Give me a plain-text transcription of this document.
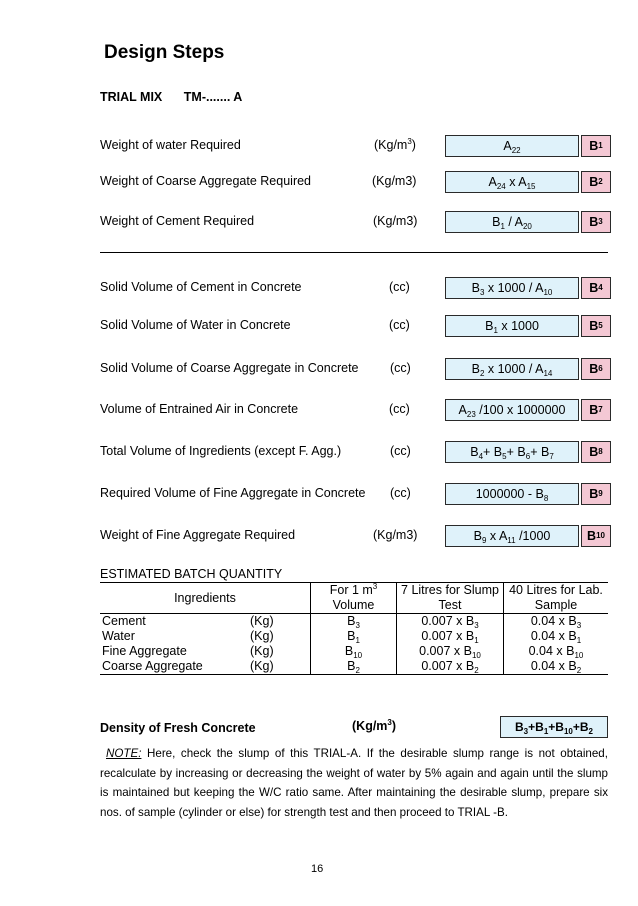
Design Steps
TRIAL MIX TM-....... A
Weight of water Required	$(Kg/m^3)$	$A_{22}$	B 1
Weight of Coarse Aggregate Required	(Kg/m3)	$A_{24}$ x $A_{15}$	B 2
Weight of Cement Required	(Kg/m3)	$B_1 / A_{20}$	B 3
Solid Volume of Cement in Concrete	(cc)	$B_3$ x $1000 / A_{10}$	B 4
Solid Volume of Water in Concrete	(cc)	$B_1$ x 1000	B 5
Solid Volume of Coarse Aggregate in Concrete	(cc)	$B_2$ x $1000 / A_{14}$	B 6
Volume of Entrained Air in Concrete	(cc)	$A_{23}$ /100 x 1000000	B 7
Total Volume of Ingredients (except F. Agg.)	(cc)	$B_4+ B_5+ B_6+ B_7$	B 8
Required Volume of Fine Aggregate in Concrete (cc)	$1000000 - B_8$	B 9
Weight of Fine Aggregate Required	(Kg/m3)	$B_9$ x $A_{11}$ /1000	B 10
ESTIMATED BATCH QUANTITY
Ingredients	For 1 $m^3$	7 Litres for Slump	40 Litres for Lab.
	Volume	Test	Sample
Cement (Kg)	$B_3$	0.007 x $B_3$	0.04 x $B_3$
Water (Kg)	$B_1$	0.007 x $B_1$	0.04 x $B_1$
Fine Aggregate (Kg)	$B_{10}$	0.007 x $B_{10}$	0.04 x $B_{10}$
Coarse Aggregate (Kg)	$B_2$	0.007 x $B_2$	0.04 x $B_2$
Density of Fresh Concrete	$(Kg/m^3)$	$B_3+B_1+B_{10}+B_2$
NOTE: Here, check the slump of this TRIAL-A. If the desirable slump range is not obtained, recalculate by increasing or decreasing the weight of water by 5% again and again until the slump is maintained but keeping the W/C ratio same. After maintaining the desirable slump, prepare six nos. of sample (cylinder or else) for strength test and then proceed to TRIAL -B.
16
